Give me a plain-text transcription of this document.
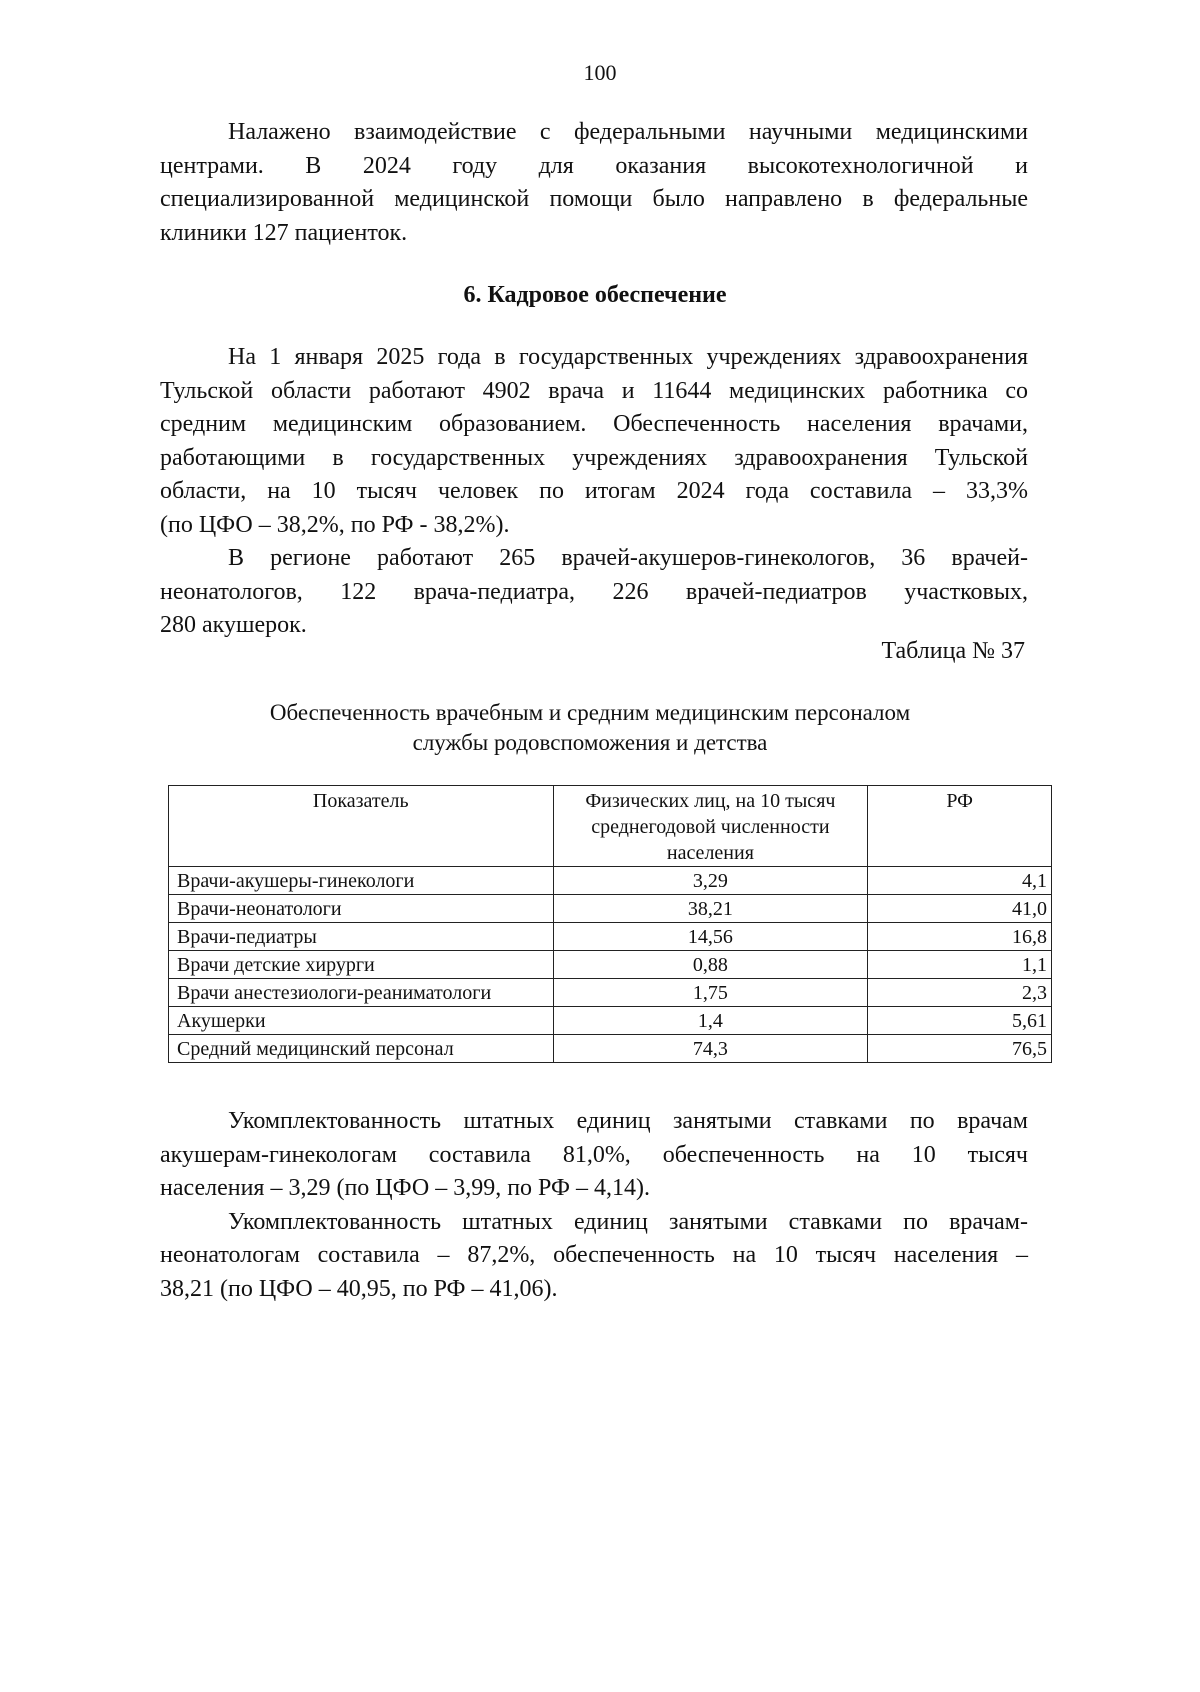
100
Налажено взаимодействие с федеральными научными медицинскими
центрами. В 2024 году для оказания высокотехнологичной и
специализированной медицинской помощи было направлено в федеральные
клиники 127 пациенток.
6. Кадровое обеспечение
На 1 января 2025 года в государственных учреждениях здравоохранения
Тульской области работают 4902 врача и 11644 медицинских работника со
средним медицинским образованием. Обеспеченность населения врачами,
работающими в государственных учреждениях здравоохранения Тульской
области, на 10 тысяч человек по итогам 2024 года составила – 33,3%
(по ЦФО – 38,2%, по РФ - 38,2%).
В регионе работают 265 врачей-акушеров-гинекологов, 36 врачей-
неонатологов, 122 врача-педиатра, 226 врачей-педиатров участковых,
280 акушерок.
Таблица № 37
Обеспеченность врачебным и средним медицинским персоналом
службы родовспоможения и детства
Показатель	Физических лиц, на 10 тысяч среднегодовой численности населения	РФ
Врачи-акушеры-гинекологи	3,29	4,1
Врачи-неонатологи	38,21	41,0
Врачи-педиатры	14,56	16,8
Врачи детские хирурги	0,88	1,1
Врачи анестезиологи-реаниматологи	1,75	2,3
Акушерки	1,4	5,61
Средний медицинский персонал	74,3	76,5
Укомплектованность штатных единиц занятыми ставками по врачам
акушерам-гинекологам составила 81,0%, обеспеченность на 10 тысяч
населения – 3,29 (по ЦФО – 3,99, по РФ – 4,14).
Укомплектованность штатных единиц занятыми ставками по врачам-
неонатологам составила – 87,2%, обеспеченность на 10 тысяч населения –
38,21 (по ЦФО – 40,95, по РФ – 41,06).
